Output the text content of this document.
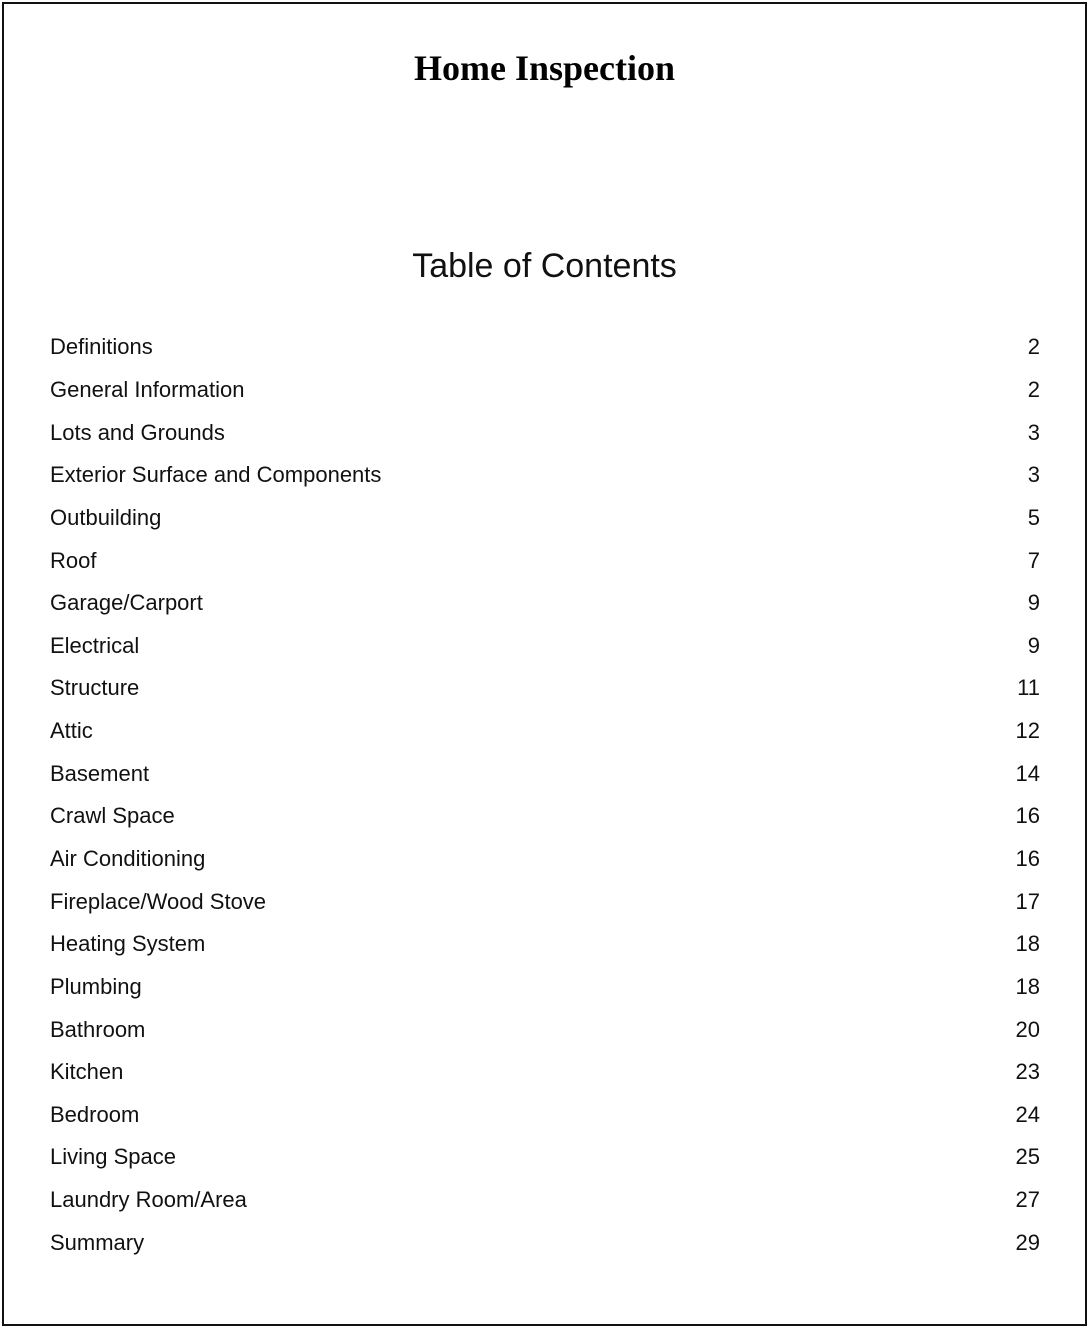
Home Inspection
Table of Contents
Definitions	2
General Information	2
Lots and Grounds	3
Exterior Surface and Components	3
Outbuilding	5
Roof	7
Garage/Carport	9
Electrical	9
Structure	11
Attic	12
Basement	14
Crawl Space	16
Air Conditioning	16
Fireplace/Wood Stove	17
Heating System	18
Plumbing	18
Bathroom	20
Kitchen	23
Bedroom	24
Living Space	25
Laundry Room/Area	27
Summary	29
